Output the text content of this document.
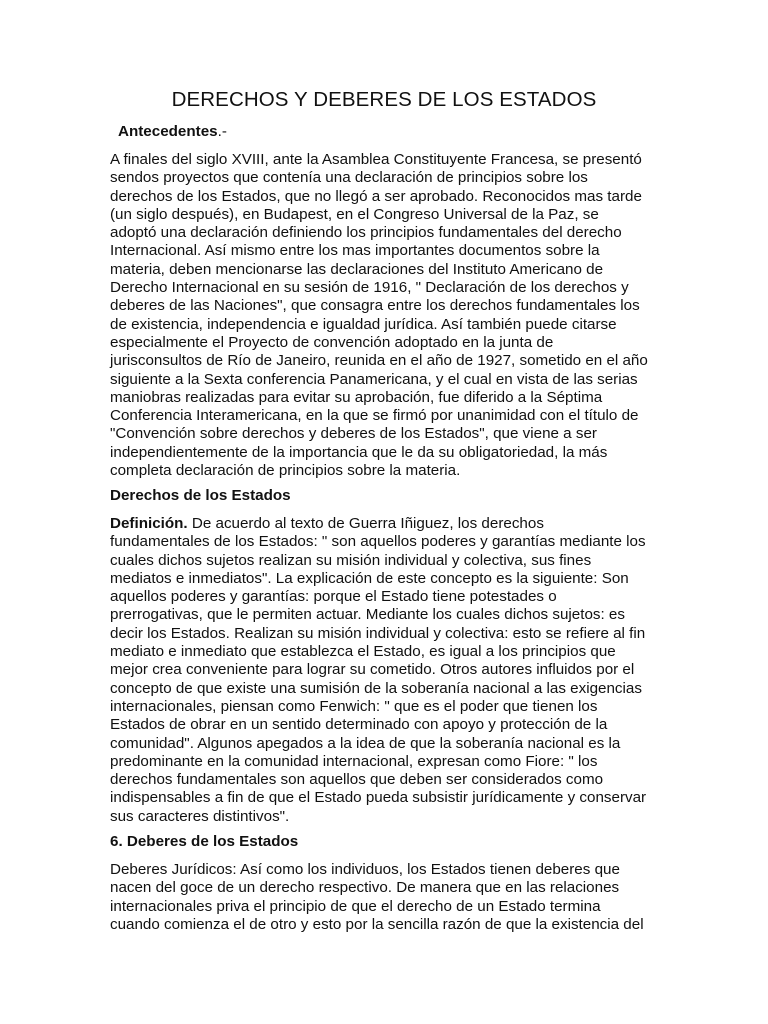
DERECHOS Y DEBERES DE LOS ESTADOS
Antecedentes.-
A finales del siglo XVIII, ante la Asamblea Constituyente Francesa, se presentó
sendos proyectos que contenía una declaración de principios sobre los
derechos de los Estados, que no llegó a ser aprobado. Reconocidos mas tarde
(un siglo después), en Budapest, en el Congreso Universal de la Paz, se
adoptó una declaración definiendo los principios fundamentales del derecho
Internacional. Así mismo entre los mas importantes documentos sobre la
materia, deben mencionarse las declaraciones del Instituto Americano de
Derecho Internacional en su sesión de 1916, " Declaración de los derechos y
deberes de las Naciones", que consagra entre los derechos fundamentales los
de existencia, independencia e igualdad jurídica. Así también puede citarse
especialmente el Proyecto de convención adoptado en la junta de
jurisconsultos de Río de Janeiro, reunida en el año de 1927, sometido en el año
siguiente a la Sexta conferencia Panamericana, y el cual en vista de las serias
maniobras realizadas para evitar su aprobación, fue diferido a la Séptima
Conferencia Interamericana, en la que se firmó por unanimidad con el título de
"Convención sobre derechos y deberes de los Estados", que viene a ser
independientemente de la importancia que le da su obligatoriedad, la más
completa declaración de principios sobre la materia.
Derechos de los Estados
Definición. De acuerdo al texto de Guerra Iñiguez, los derechos
fundamentales de los Estados: " son aquellos poderes y garantías mediante los
cuales dichos sujetos realizan su misión individual y colectiva, sus fines
mediatos e inmediatos". La explicación de este concepto es la siguiente: Son
aquellos poderes y garantías: porque el Estado tiene potestades o
prerrogativas, que le permiten actuar. Mediante los cuales dichos sujetos: es
decir los Estados. Realizan su misión individual y colectiva: esto se refiere al fin
mediato e inmediato que establezca el Estado, es igual a los principios que
mejor crea conveniente para lograr su cometido. Otros autores influidos por el
concepto de que existe una sumisión de la soberanía nacional a las exigencias
internacionales, piensan como Fenwich: " que es el poder que tienen los
Estados de obrar en un sentido determinado con apoyo y protección de la
comunidad". Algunos apegados a la idea de que la soberanía nacional es la
predominante en la comunidad internacional, expresan como Fiore: " los
derechos fundamentales son aquellos que deben ser considerados como
indispensables a fin de que el Estado pueda subsistir jurídicamente y conservar
sus caracteres distintivos".
6. Deberes de los Estados
Deberes Jurídicos: Así como los individuos, los Estados tienen deberes que
nacen del goce de un derecho respectivo. De manera que en las relaciones
internacionales priva el principio de que el derecho de un Estado termina
cuando comienza el de otro y esto por la sencilla razón de que la existencia del
